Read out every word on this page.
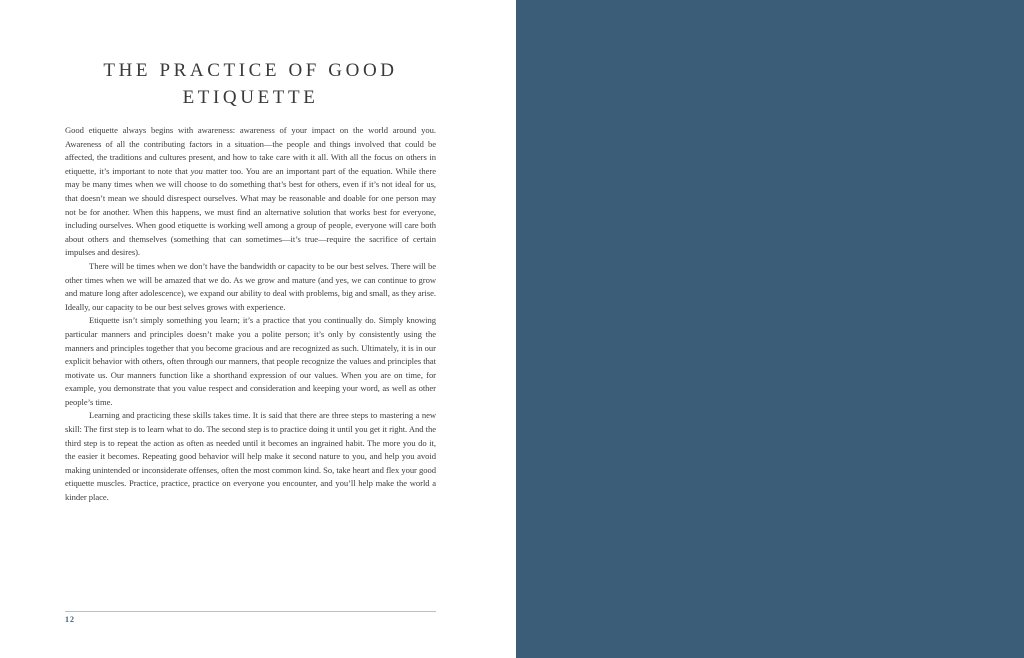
THE PRACTICE OF GOOD
ETIQUETTE

Good etiquette always begins with awareness: awareness of your impact on the world around you. Awareness of all the contributing factors in a situation—the people and things involved that could be affected, the traditions and cultures present, and how to take care with it all. With all the focus on others in etiquette, it’s important to note that you matter too. You are an important part of the equation. While there may be many times when we will choose to do something that’s best for others, even if it’s not ideal for us, that doesn’t mean we should disrespect ourselves. What may be reasonable and doable for one person may not be for another. When this happens, we must find an alternative solution that works best for everyone, including ourselves. When good etiquette is working well among a group of people, everyone will care both about others and themselves (something that can sometimes—it’s true—require the sacrifice of certain impulses and desires).

There will be times when we don’t have the bandwidth or capacity to be our best selves. There will be other times when we will be amazed that we do. As we grow and mature (and yes, we can continue to grow and mature long after adolescence), we expand our ability to deal with problems, big and small, as they arise. Ideally, our capacity to be our best selves grows with experience.

Etiquette isn’t simply something you learn; it’s a practice that you continually do. Simply knowing particular manners and principles doesn’t make you a polite person; it’s only by consistently using the manners and principles together that you become gracious and are recognized as such. Ultimately, it is in our explicit behavior with others, often through our manners, that people recognize the values and principles that motivate us. Our manners function like a shorthand expression of our values. When you are on time, for example, you demonstrate that you value respect and consideration and keeping your word, as well as other people’s time.

Learning and practicing these skills takes time. It is said that there are three steps to mastering a new skill: The first step is to learn what to do. The second step is to practice doing it until you get it right. And the third step is to repeat the action as often as needed until it becomes an ingrained habit. The more you do it, the easier it becomes. Repeating good behavior will help make it second nature to you, and help you avoid making unintended or inconsiderate offenses, often the most common kind. So, take heart and flex your good etiquette muscles. Practice, practice, practice on everyone you encounter, and you’ll help make the world a kinder place.

12
